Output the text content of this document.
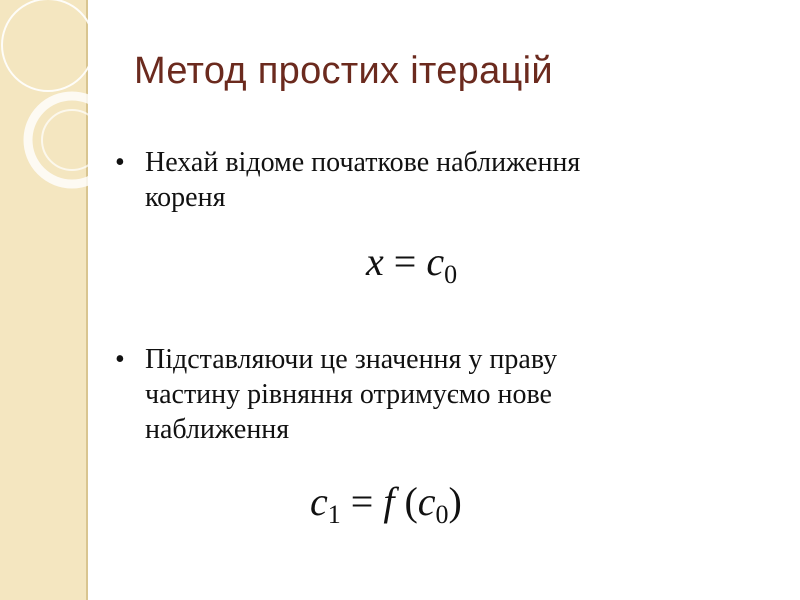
Метод простих ітерацій
• Нехай відоме початкове наближення
кореня
$x = c_0$
• Підставляючи це значення у праву
частину рівняння отримуємо нове
наближення
$c_1 = f$ $(c_0)$
